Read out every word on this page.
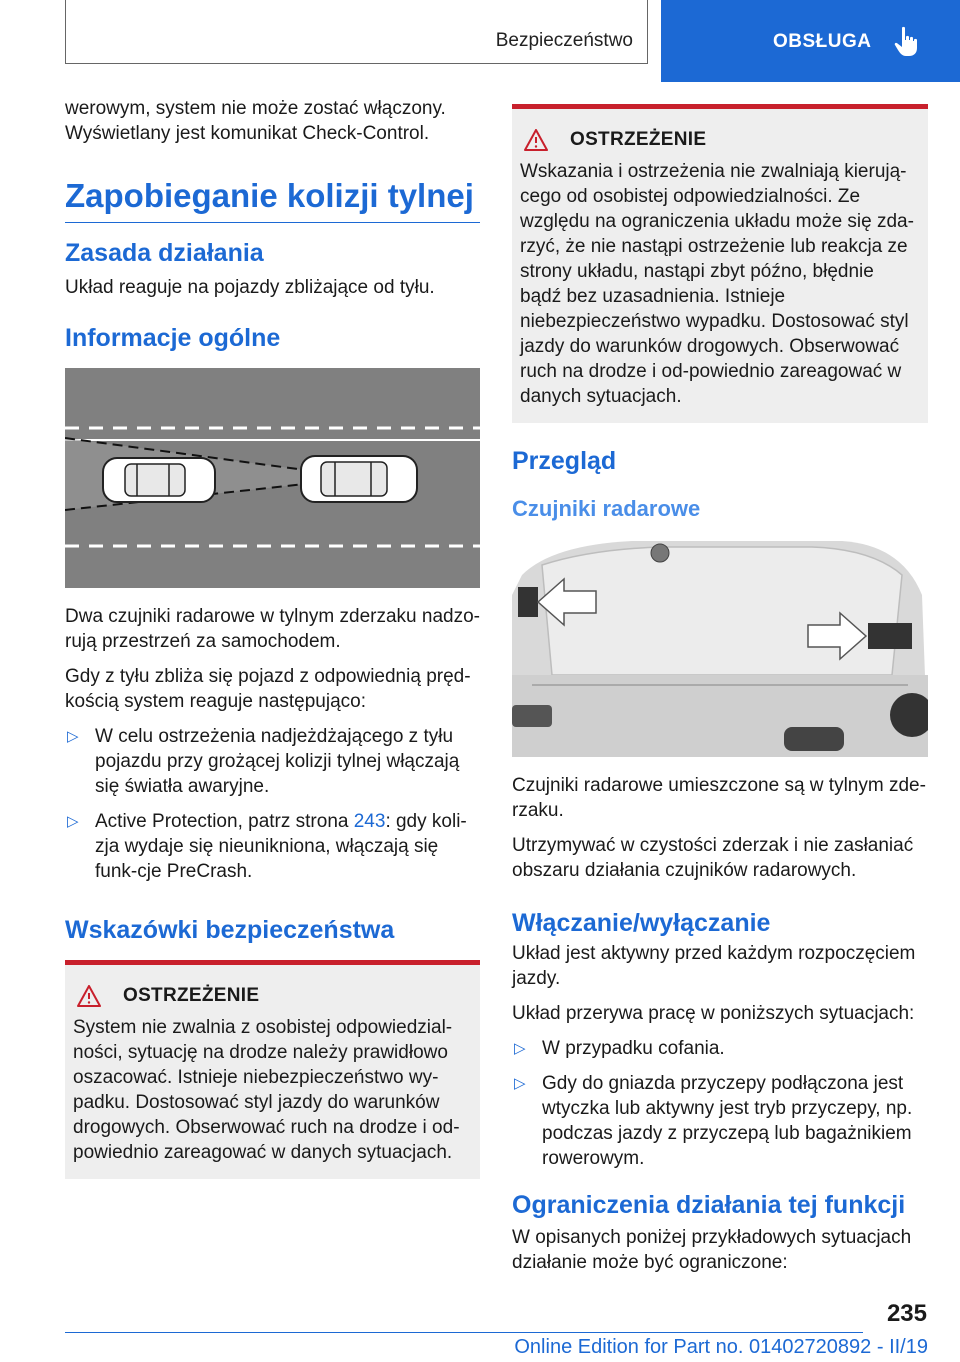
Bezpieczeństwo	OBSŁUGA

werowym, system nie może zostać włączony. Wyświetlany jest komunikat Check-Control.

Zapobieganie kolizji tylnej
Zasada działania

Układ reaguje na pojazdy zbliżające od tyłu.

Informacje ogólne

Dwa czujniki radarowe w tylnym zderzaku nadzo-rują przestrzeń za samochodem.

Gdy z tyłu zbliża się pojazd z odpowiednią pręd-kością system reaguje następująco:

▷ W celu ostrzeżenia nadjeżdżającego z tyłu pojazdu przy grożącej kolizji tylnej włączają się światła awaryjne.
▷ Active Protection, patrz strona 243: gdy koli-zja wydaje się nieunikniona, włączają się funk-cje PreCrash.
Wskazówki bezpieczeństwa
OSTRZEŻENIE

System nie zwalnia z osobistej odpowiedzial-ności, sytuację na drodze należy prawidłowo oszacować. Istnieje niebezpieczeństwo wy-padku. Dostosować styl jazdy do warunków drogowych. Obserwować ruch na drodze i od-powiednio zareagować w danych sytuacjach.

OSTRZEŻENIE

Wskazania i ostrzeżenia nie zwalniają kierują-cego od osobistej odpowiedzialności. Ze względu na ograniczenia układu może się zda-rzyć, że nie nastąpi ostrzeżenie lub reakcja ze strony układu, nastąpi zbyt późno, błędnie bądź bez uzasadnienia. Istnieje niebezpieczeństwo wypadku. Dostosować styl jazdy do warunków drogowych. Obserwować ruch na drodze i od-powiednio zareagować w danych sytuacjach.

Przegląd
Czujniki radarowe

Czujniki radarowe umieszczone są w tylnym zde-rzaku.

Utrzymywać w czystości zderzak i nie zasłaniać obszaru działania czujników radarowych.

Włączanie/wyłączanie

Układ jest aktywny przed każdym rozpoczęciem jazdy.

Układ przerywa pracę w poniższych sytuacjach:

▷ W przypadku cofania.
▷ Gdy do gniazda przyczepy podłączona jest wtyczka lub aktywny jest tryb przyczepy, np. podczas jazdy z przyczepą lub bagażnikiem rowerowym.
Ograniczenia działania tej funkcji

W opisanych poniżej przykładowych sytuacjach działanie może być ograniczone:

235
Online Edition for Part no. 01402720892 - II/19
